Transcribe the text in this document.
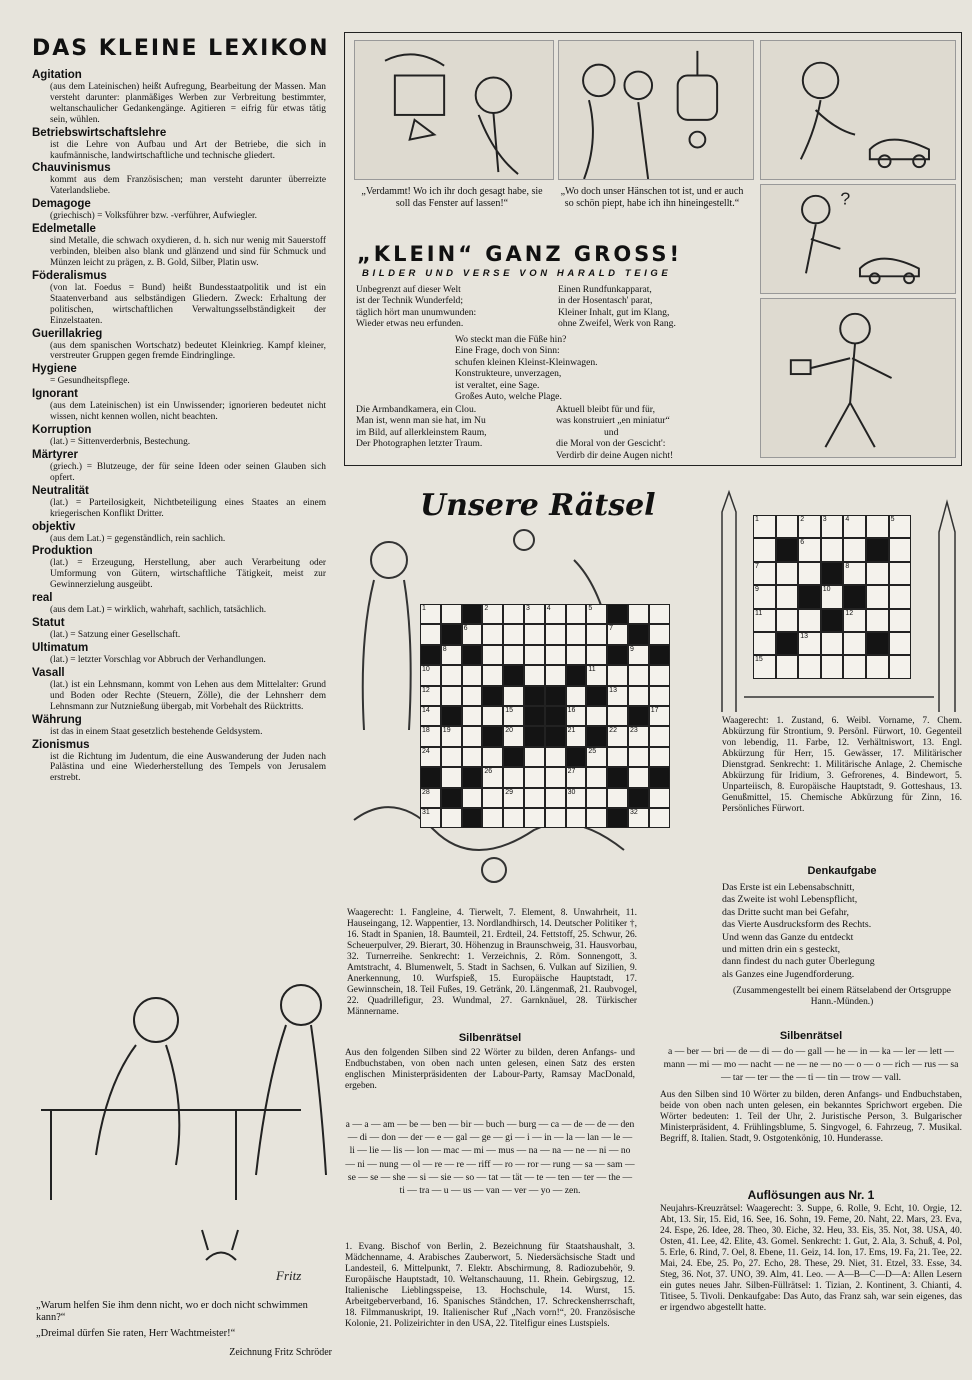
DAS KLEINE LEXIKON
Agitation
(aus dem Lateinischen) heißt Aufregung, Bearbeitung der Massen. Man versteht darunter: planmäßiges Werben zur Verbreitung bestimmter, weltanschaulicher Gedankengänge. Agitieren = eifrig für etwas tätig sein, wühlen.
Betriebswirtschaftslehre
ist die Lehre von Aufbau und Art der Betriebe, die sich in kaufmännische, landwirtschaftliche und technische gliedert.
Chauvinismus
kommt aus dem Französischen; man versteht darunter überreizte Vaterlandsliebe.
Demagoge
(griechisch) = Volksführer bzw. -verführer, Aufwiegler.
Edelmetalle
sind Metalle, die schwach oxydieren, d. h. sich nur wenig mit Sauerstoff verbinden, bleiben also blank und glänzend und sind für Schmuck und Münzen leicht zu prägen, z. B. Gold, Silber, Platin usw.
Föderalismus
(von lat. Foedus = Bund) heißt Bundesstaatpolitik und ist ein Staatenverband aus selbständigen Gliedern. Zweck: Erhaltung der politischen, wirtschaftlichen Verwaltungsselbständigkeit der Einzelstaaten.
Guerillakrieg
(aus dem spanischen Wortschatz) bedeutet Kleinkrieg. Kampf kleiner, verstreuter Gruppen gegen fremde Eindringlinge.
Hygiene
= Gesundheitspflege.
Ignorant
(aus dem Lateinischen) ist ein Unwissender; ignorieren bedeutet nicht wissen, nicht kennen wollen, nicht beachten.
Korruption
(lat.) = Sittenverderbnis, Bestechung.
Märtyrer
(griech.) = Blutzeuge, der für seine Ideen oder seinen Glauben sich opfert.
Neutralität
(lat.) = Parteilosigkeit, Nichtbeteiligung eines Staates an einem kriegerischen Konflikt Dritter.
objektiv
(aus dem Lat.) = gegenständlich, rein sachlich.
Produktion
(lat.) = Erzeugung, Herstellung, aber auch Verarbeitung oder Umformung von Gütern, wirtschaftliche Tätigkeit, meist zur Gewinnerzielung ausgeübt.
real
(aus dem Lat.) = wirklich, wahrhaft, sachlich, tatsächlich.
Statut
(lat.) = Satzung einer Gesellschaft.
Ultimatum
(lat.) = letzter Vorschlag vor Abbruch der Verhandlungen.
Vasall
(lat.) ist ein Lehnsmann, kommt von Lehen aus dem Mittelalter: Grund und Boden oder Rechte (Steuern, Zölle), die der Lehnsherr dem Lehnsmann zur Nutznießung übergab, mit Vorbehalt des Rücktritts.
Währung
ist das in einem Staat gesetzlich bestehende Geldsystem.
Zionismus
ist die Richtung im Judentum, die eine Auswanderung der Juden nach Palästina und eine Wiederherstellung des Tempels von Jerusalem erstrebt.
?
„Verdammt! Wo ich ihr doch gesagt habe, sie soll das Fenster auf lassen!“
„Wo doch unser Hänschen tot ist, und er auch so schön piept, habe ich ihn hineingestellt.“
„KLEIN“ GANZ GROSS!
BILDER UND VERSE VON HARALD TEIGE
Unbegrenzt auf dieser Welt
ist der Technik Wunderfeld;
täglich hört man unumwunden:
Wieder etwas neu erfunden.
Einen Rundfunkapparat,
in der Hosentasch' parat,
Kleiner Inhalt, gut im Klang,
ohne Zweifel, Werk von Rang.
Wo steckt man die Füße hin?
Eine Frage, doch von Sinn:
schufen kleinen Kleinst-Kleinwagen.
Konstrukteure, unverzagen,
ist veraltet, eine Sage.
Großes Auto, welche Plage.
Die Armbandkamera, ein Clou.
Man ist, wenn man sie hat, im Nu
im Bild, auf allerkleinstem Raum,
Der Photographen letzter Traum.
Aktuell bleibt für und für,
was konstruiert „en miniatur“
und
die Moral von der Gescicht':
Verdirb dir deine Augen nicht!
Unsere Rätsel
1	2	3 4	5
6	7
8	9
10	11
12	13
14	15	16	17
18 19	20	21	22 23
24	25
26	27
28	29	30
31	32
1	2	3	4	5
6
7	8
9	10
11	12
13
15
Waagerecht: 1. Zustand, 6. Weibl. Vorname, 7. Chem. Abkürzung für Strontium, 9. Persönl. Fürwort, 10. Gegenteil von lebendig, 11. Farbe, 12. Verhältniswort, 13. Engl. Abkürzung für Herr, 15. Gewässer, 17. Militärischer Dienstgrad. Senkrecht: 1. Militärische Anlage, 2. Chemische Abkürzung für Iridium, 3. Gefrorenes, 4. Bindewort, 5. Unparteiisch, 8. Europäische Hauptstadt, 9. Gotteshaus, 13. Genußmittel, 15. Chemische Abkürzung für Zinn, 16. Persönliches Fürwort.
Waagerecht: 1. Fangleine, 4. Tierwelt, 7. Element, 8. Unwahrheit, 11. Hauseingang, 12. Wappentier, 13. Nordlandhirsch, 14. Deutscher Politiker †, 16. Stadt in Spanien, 18. Baumteil, 21. Erdteil, 24. Fettstoff, 25. Schwur, 26. Scheuerpulver, 29. Bierart, 30. Höhenzug in Braunschweig, 31. Hausvorbau, 32. Turnerreihe. Senkrecht: 1. Verzeichnis, 2. Röm. Sonnengott, 3. Amtstracht, 4. Blumenwelt, 5. Stadt in Sachsen, 6. Vulkan auf Sizilien, 9. Anerkennung, 10. Wurfspieß, 15. Europäische Hauptstadt, 17. Gewinnschein, 18. Teil Fußes, 19. Getränk, 20. Längenmaß, 21. Raubvogel, 22. Quadrillefigur, 23. Wundmal, 27. Garnknäuel, 28. Türkischer Männername.
Denkaufgabe
Das Erste ist ein Lebensabschnitt,
das Zweite ist wohl Lebenspflicht,
das Dritte sucht man bei Gefahr,
das Vierte Ausdrucksform des Rechts.
Und wenn das Ganze du entdeckt
und mitten drin ein s gesteckt,
dann findest du nach guter Überlegung
als Ganzes eine Jugendforderung.
(Zusammengestellt bei einem Rätselabend der Ortsgruppe Hann.-Münden.)
Silbenrätsel
Aus den folgenden Silben sind 22 Wörter zu bilden, deren Anfangs- und Endbuchstaben, von oben nach unten gelesen, einen Satz des ersten englischen Ministerpräsidenten der Labour-Party, Ramsay MacDonald, ergeben.
a — a — am — be — ben — bir — buch — burg — ca — de — de — den — di — don — der — e — gal — ge — gi — i — in — la — lan — le — li — lie — lis — lon — mac — mi — mus — na — na — ne — ni — no — ni — nung — ol — re — re — riff — ro — ror — rung — sa — sam — se — se — she — si — sie — so — tat — tät — te — ten — ter — the — ti — tra — u — us — van — ver — yo — zen.
1. Evang. Bischof von Berlin, 2. Bezeichnung für Staatshaushalt, 3. Mädchenname, 4. Arabisches Zauberwort, 5. Niedersächsische Stadt und Landesteil, 6. Mittelpunkt, 7. Elektr. Abschirmung, 8. Radiozubehör, 9. Europäische Hauptstadt, 10. Weltanschauung, 11. Rhein. Gebirgszug, 12. Italienische Lieblingsspeise, 13. Hochschule, 14. Wurst, 15. Arbeitgeberverband, 16. Spanisches Ständchen, 17. Schreckensherrschaft, 18. Filmmanuskript, 19. Italienischer Ruf „Nach vorn!“, 20. Französische Kolonie, 21. Polizeirichter in den USA, 22. Titelfigur eines Lustspiels.
Silbenrätsel
a — ber — bri — de — di — do — gall — he — in — ka — ler — lett — mann — mi — mo — nacht — ne — ne — no — o — o — rich — rus — sa — tar — ter — the — ti — tin — trow — vall.
Aus den Silben sind 10 Wörter zu bilden, deren Anfangs- und Endbuchstaben, beide von oben nach unten gelesen, ein bekanntes Sprichwort ergeben. Die Wörter bedeuten: 1. Teil der Uhr, 2. Juristische Person, 3. Bulgarischer Ministerpräsident, 4. Frühlingsblume, 5. Singvogel, 6. Fahrzeug, 7. Musikal. Begriff, 8. Italien. Stadt, 9. Ostgotenkönig, 10. Hunderasse.
Auflösungen aus Nr. 1
Neujahrs-Kreuzrätsel: Waagerecht: 3. Suppe, 6. Rolle, 9. Echt, 10. Orgie, 12. Abt, 13. Sir, 15. Eid, 16. See, 16. Sohn, 19. Feme, 20. Naht, 22. Mars, 23. Eva, 24. Espe, 26. Idee, 28. Theo, 30. Eiche, 32. Heu, 33. Eis, 35. Not, 38. USA, 40. Osten, 41. Lee, 42. Elite, 43. Gomel. Senkrecht: 1. Gut, 2. Ala, 3. Schuß, 4. Pol, 5. Erle, 6. Rind, 7. Oel, 8. Ebene, 11. Geiz, 14. Ion, 17. Ems, 19. Fa, 21. Tee, 22. Mai, 24. Ebe, 25. Po, 27. Echo, 28. These, 29. Niet, 31. Etzel, 33. Esse, 34. Steg, 36. Not, 37. UNO, 39. Alm, 41. Leo. — A—B—C—D—A: Allen Lesern ein gutes neues Jahr. Silben-Füllrätsel: 1. Tizian, 2. Kontinent, 3. Chianti, 4. Titisee, 5. Tivoli. Denkaufgabe: Das Auto, das Franz sah, war sein eigenes, das er irgendwo abgestellt hatte.
Fritz
„Warum helfen Sie ihm denn nicht, wo er doch nicht schwimmen kann?“
„Dreimal dürfen Sie raten, Herr Wachtmeister!“
Zeichnung Fritz Schröder
